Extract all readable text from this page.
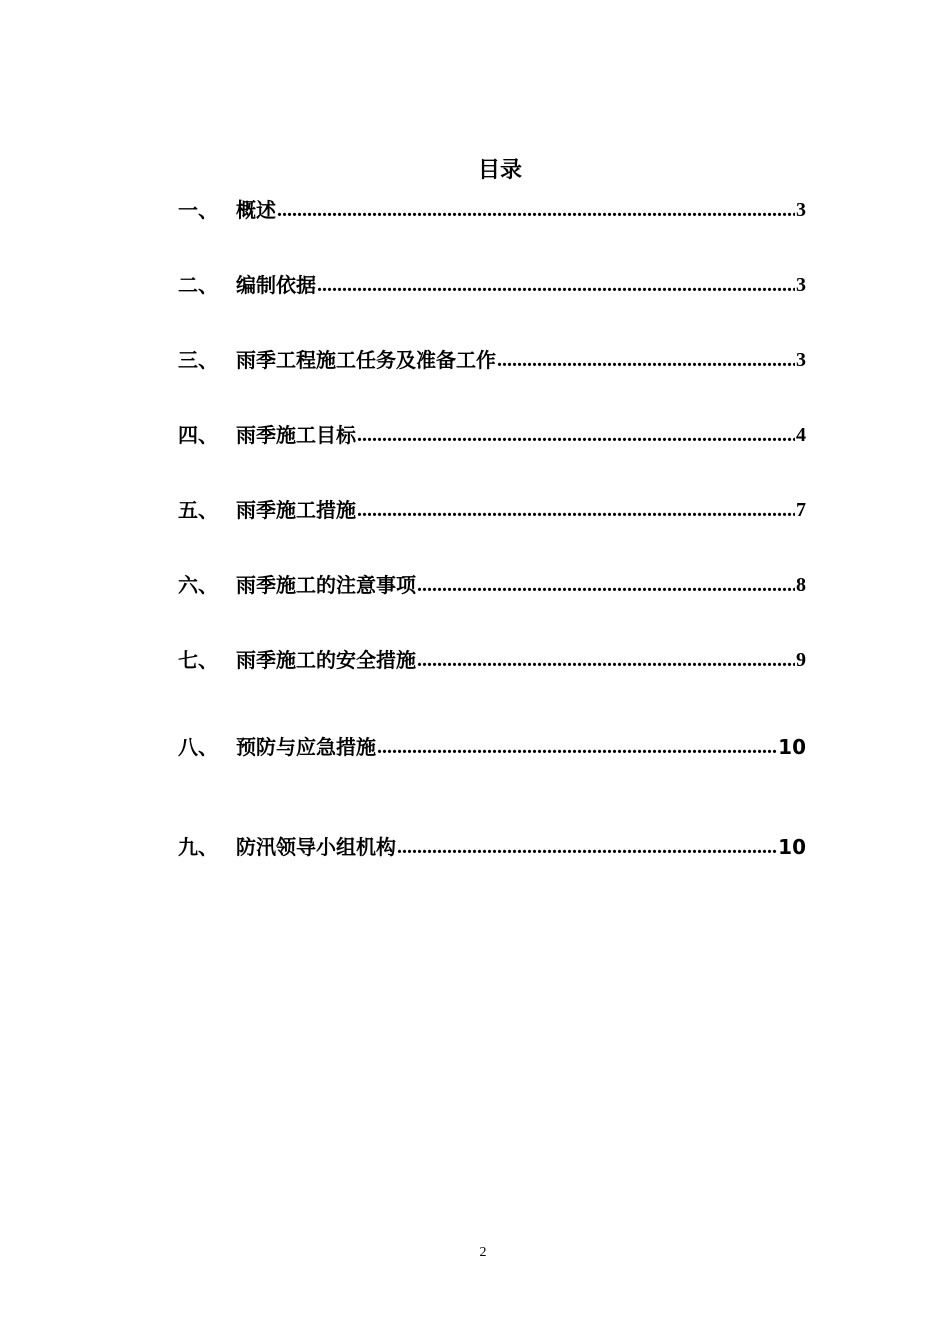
目录
一、 概述 .....	3
二、 编制依据 .....	3
三、 雨季工程施工任务及准备工作 .....	3
四、 雨季施工目标 .....	4
五、 雨季施工措施 .....	7
六、 雨季施工的注意事项 .....	8
七、 雨季施工的安全措施 .....	9
八、 预防与应急措施 .....	10
九、 防汛领导小组机构 .....	10
2
